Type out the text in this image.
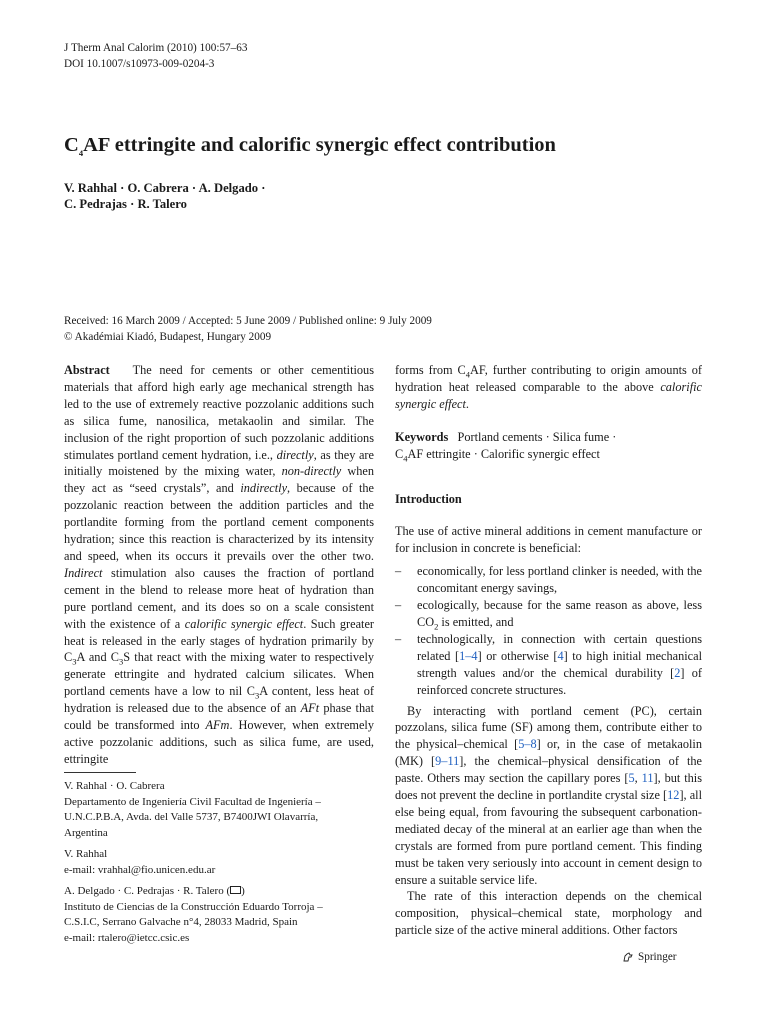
J Therm Anal Calorim (2010) 100:57–63
DOI 10.1007/s10973-009-0204-3
$C_4AF$ ettringite and calorific synergic effect contribution
V. Rahhal · O. Cabrera · A. Delgado ·
C. Pedrajas · R. Talero
Received: 16 March 2009 / Accepted: 5 June 2009 / Published online: 9 July 2009
© Akadémiai Kiadó, Budapest, Hungary 2009

Abstract The need for cements or other cementitious materials that afford high early age mechanical strength has led to the use of extremely reactive pozzolanic additions such as silica fume, nanosilica, metakaolin and similar. The inclusion of the right proportion of such pozzolanic additions stimulates portland cement hydration, i.e., directly, as they are initially moistened by the mixing water, non-directly when they act as “seed crystals”, and indirectly, because of the pozzolanic reaction between the addition particles and the portlandite forming from the portland cement components hydration; since this reaction is characterized by its intensity and speed, when its occurs it prevails over the other two. Indirect stimulation also causes the fraction of portland cement in the blend to release more heat of hydration than pure portland cement, and its does so on a scale consistent with the existence of a calorific synergic effect. Such greater heat is released in the early stages of hydration primarily by $C_3A$ and $C_3S$ that react with the mixing water to respectively generate ettringite and hydrated calcium silicates. When portland cements have a low to nil $C_3A$ content, less heat of hydration is released due to the absence of an AFt phase that could be transformed into AFm. However, when extremely active pozzolanic additions, such as silica fume, are used, ettringite

V. Rahhal · O. Cabrera

Departamento de Ingeniería Civil Facultad de Ingeniería –

U.N.C.P.B.A, Avda. del Valle 5737, B7400JWI Olavarría,

Argentina

V. Rahhal

e-mail: vrahhal@fio.unicen.edu.ar

A. Delgado · C. Pedrajas · R. Talero ( )

Instituto de Ciencias de la Construcción Eduardo Torroja –

C.S.I.C, Serrano Galvache n°4, 28033 Madrid, Spain

e-mail: rtalero@ietcc.csic.es

forms from $C_4AF$, further contributing to origin amounts of hydration heat released comparable to the above calorific synergic effect.

Keywords Portland cements · Silica fume ·
$C_4AF$ ettringite · Calorific synergic effect

Introduction

The use of active mineral additions in cement manufacture or for inclusion in concrete is beneficial:

– economically, for less portland clinker is needed, with the concomitant energy savings,
– ecologically, because for the same reason as above, less $CO_2$ is emitted, and
– technologically, in connection with certain questions related [1–4] or otherwise [4] to high initial mechanical strength values and/or the chemical durability [2] of reinforced concrete structures.

By interacting with portland cement (PC), certain pozzolans, silica fume (SF) among them, contribute either to the physical–chemical [5–8] or, in the case of metakaolin (MK) [9–11], the chemical–physical densification of the paste. Others may section the capillary pores [5, 11], but this does not prevent the decline in portlandite crystal size [12], all else being equal, from favouring the subsequent carbonation-mediated decay of the mineral at an earlier age than when the crystals are formed from pure portland cement. This finding must be taken very seriously into account in cement design to ensure a suitable service life.

The rate of this interaction depends on the chemical composition, physical–chemical state, morphology and particle size of the active mineral additions. Other factors

Springer
